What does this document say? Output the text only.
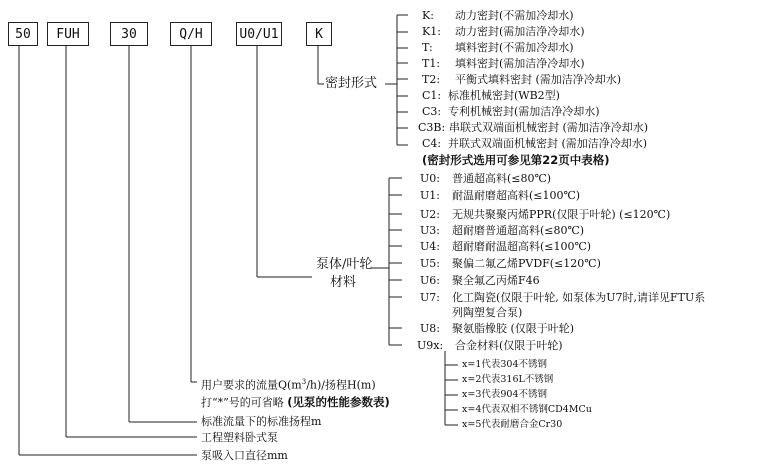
50	FUH	30	Q/H	U0/U1	K
密封形式
K: 动力密封(不需加冷却水)
K1: 动力密封(需加洁净冷却水)
T: 填料密封(不需加冷却水)
T1: 填料密封(需加洁净冷却水)
T2: 平衡式填料密封 (需加洁净冷却水)
C1: 标准机械密封(WB2型)
C3: 专利机械密封(需加洁净冷却水)
C3B: 串联式双端面机械密封 (需加洁净冷却水)
C4: 并联式双端面机械密封 (需加洁净冷却水)
(密封形式选用可参见第22页中表格)
泵体/叶轮
材料
U0: 普通超高料(≤80℃)
U1: 耐温耐磨超高料(≤100℃)
U2: 无规共聚聚丙烯PPR(仅限于叶轮) (≤120℃)
U3: 超耐磨普通超高料(≤80℃)
U4: 超耐磨耐温超高料(≤100℃)
U5: 聚偏二氟乙烯PVDF(≤120℃)
U6: 聚全氟乙丙烯F46
U7: 化工陶瓷(仅限于叶轮, 如泵体为U7时,请详见FTU系
列陶塑复合泵)
U8: 聚氨脂橡胶 (仅限于叶轮)
U9x: 合金材料(仅限于叶轮)
x=1代表304不锈钢
x=2代表316L不锈钢
x=3代表904不锈钢
x=4代表双相不锈钢CD4MCu
x=5代表耐磨合金Cr30
用户要求的流量$Q(m^3/h)/$扬程H(m)
打“*”号的可省略 (见泵的性能参数表)
标准流量下的标准扬程m
工程塑料卧式泵
泵吸入口直径mm
